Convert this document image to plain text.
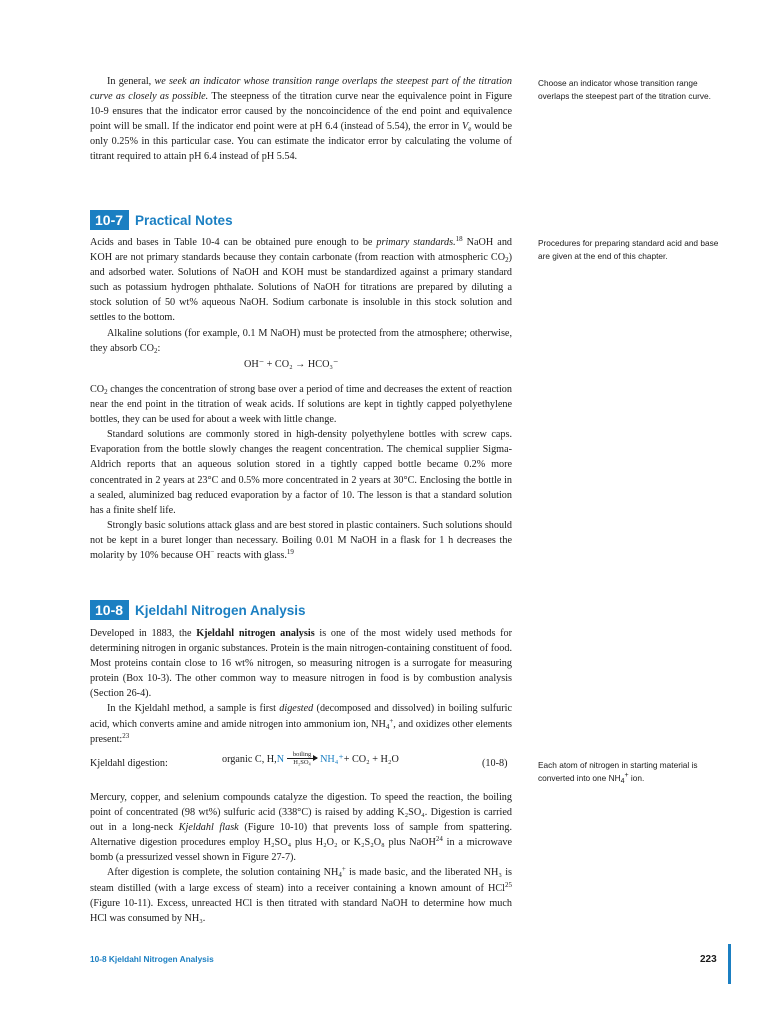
In general, we seek an indicator whose transition range overlaps the steepest part of the titration curve as closely as possible. The steepness of the titration curve near the equivalence point in Figure 10-9 ensures that the indicator error caused by the noncoincidence of the end point and equivalence point will be small. If the indicator end point were at pH 6.4 (instead of 5.54), the error in $V_e$ would be only 0.25% in this particular case. You can estimate the indicator error by calculating the volume of titrant required to attain pH 6.4 instead of pH 5.54.

Choose an indicator whose transition range overlaps the steepest part of the titration curve.
10-7 Practical Notes

Acids and bases in Table 10-4 can be obtained pure enough to be primary standards.$^{18}$ NaOH and KOH are not primary standards because they contain carbonate (from reaction with atmospheric $CO_2$) and adsorbed water. Solutions of NaOH and KOH must be standardized against a primary standard such as potassium hydrogen phthalate. Solutions of NaOH for titrations are prepared by diluting a stock solution of 50 wt% aqueous NaOH. Sodium carbonate is insoluble in this stock solution and settles to the bottom.

Alkaline solutions (for example, 0.1 M NaOH) must be protected from the atmosphere; otherwise, they absorb $CO_2$:

Procedures for preparing standard acid and base are given at the end of this chapter.
OH⁻ + CO₂ → HCO₃⁻

$CO_2$ changes the concentration of strong base over a period of time and decreases the extent of reaction near the end point in the titration of weak acids. If solutions are kept in tightly capped polyethylene bottles, they can be used for about a week with little change.

Standard solutions are commonly stored in high-density polyethylene bottles with screw caps. Evaporation from the bottle slowly changes the reagent concentration. The chemical supplier Sigma-Aldrich reports that an aqueous solution stored in a tightly capped bottle became 0.2% more concentrated in 2 years at 23°C and 0.5% more concentrated in 2 years at 30°C. Enclosing the bottle in a sealed, aluminized bag reduced evaporation by a factor of 10. The lesson is that a standard solution has a finite shelf life.

Strongly basic solutions attack glass and are best stored in plastic containers. Such solutions should not be kept in a buret longer than necessary. Boiling 0.01 M NaOH in a flask for 1 h decreases the molarity by 10% because OH− reacts with glass.$^{19}$

10-8 Kjeldahl Nitrogen Analysis

Developed in 1883, the Kjeldahl nitrogen analysis is one of the most widely used methods for determining nitrogen in organic substances. Protein is the main nitrogen-containing constituent of food. Most proteins contain close to 16 wt% nitrogen, so measuring nitrogen is a surrogate for measuring protein (Box 10-3). The other common way to measure nitrogen in food is by combustion analysis (Section 26-4).

In the Kjeldahl method, a sample is first digested (decomposed and dissolved) in boiling sulfuric acid, which converts amine and amide nitrogen into ammonium ion, $NH_4^+$, and oxidizes other elements present:$^{23}$

Kjeldahl digestion:	organic C, H, N	boiling
H₂SO₄ NH₄⁺ + CO₂ + H₂O	(10-8)	Each atom of nitrogen in starting material is converted into one $NH_4^+$ ion.

Mercury, copper, and selenium compounds catalyze the digestion. To speed the reaction, the boiling point of concentrated (98 wt%) sulfuric acid (338°C) is raised by adding K₂SO₄. Digestion is carried out in a long-neck Kjeldahl flask (Figure 10-10) that prevents loss of sample from spattering. Alternative digestion procedures employ H₂SO₄ plus H₂O₂ or K₂S₂O₈ plus NaOH$^{24}$ in a microwave bomb (a pressurized vessel shown in Figure 27-7).

After digestion is complete, the solution containing $NH_4^+$ is made basic, and the liberated NH₃ is steam distilled (with a large excess of steam) into a receiver containing a known amount of HCl$^{25}$ (Figure 10-11). Excess, unreacted HCl is then titrated with standard NaOH to determine how much HCl was consumed by NH₃.

10-8 Kjeldahl Nitrogen Analysis	223
